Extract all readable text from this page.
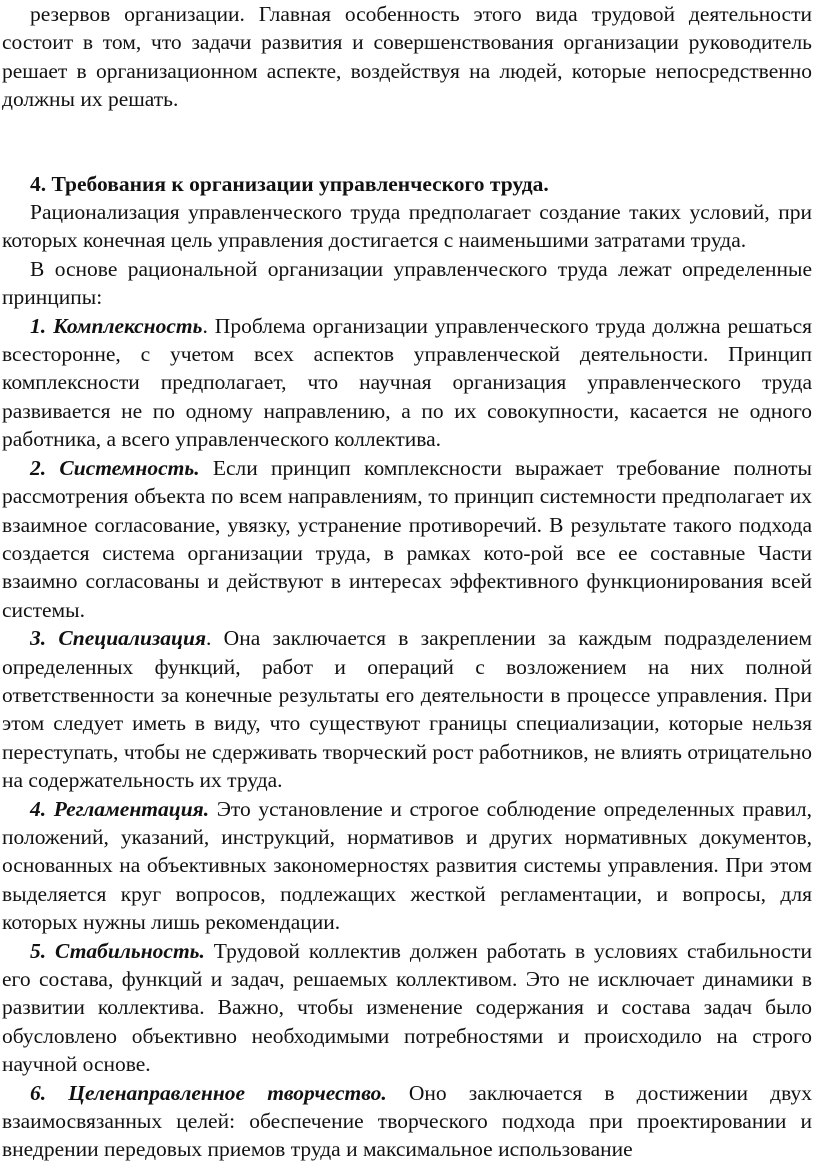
резервов организации. Главная особенность этого вида трудовой деятельности состоит в том, что задачи развития и совершенствования организации руководитель решает в организационном аспекте, воздействуя на людей, которые непосредственно должны их решать.

4. Требования к организации управленческого труда.

Рационализация управленческого труда предполагает создание таких условий, при которых конечная цель управления достигается с наименьшими затратами труда.

В основе рациональной организации управленческого труда лежат определенные принципы:

1. Комплексность. Проблема организации управленческого труда должна решаться всесторонне, с учетом всех аспектов управленческой деятельности. Принцип комплексности предполагает, что научная организация управленческого труда развивается не по одному направлению, а по их совокупности, касается не одного работника, а всего управленческого коллектива.

2. Системность. Если принцип комплексности выражает требование полноты рассмотрения объекта по всем направлениям, то принцип системности предполагает их взаимное согласование, увязку, устранение противоречий. В результате такого подхода создается система организации труда, в рамках кото-рой все ее составные Части взаимно согласованы и действуют в интересах эффективного функционирования всей системы.

3. Специализация. Она заключается в закреплении за каждым подразделением определенных функций, работ и операций с возложением на них полной ответственности за конечные результаты его деятельности в процессе управления. При этом следует иметь в виду, что существуют границы специализации, которые нельзя переступать, чтобы не сдерживать творческий рост работников, не влиять отрицательно на содержательность их труда.

4. Регламентация. Это установление и строгое соблюдение определенных правил, положений, указаний, инструкций, нормативов и других нормативных документов, основанных на объективных закономерностях развития системы управления. При этом выделяется круг вопросов, подлежащих жесткой регламентации, и вопросы, для которых нужны лишь рекомендации.

5. Стабильность. Трудовой коллектив должен работать в условиях стабильности его состава, функций и задач, решаемых коллективом. Это не исключает динамики в развитии коллектива. Важно, чтобы изменение содержания и состава задач было обусловлено объективно необходимыми потребностями и происходило на строго научной основе.

6. Целенаправленное творчество. Оно заключается в достижении двух взаимосвязанных целей: обеспечение творческого подхода при проектировании и внедрении передовых приемов труда и максимальное использование
